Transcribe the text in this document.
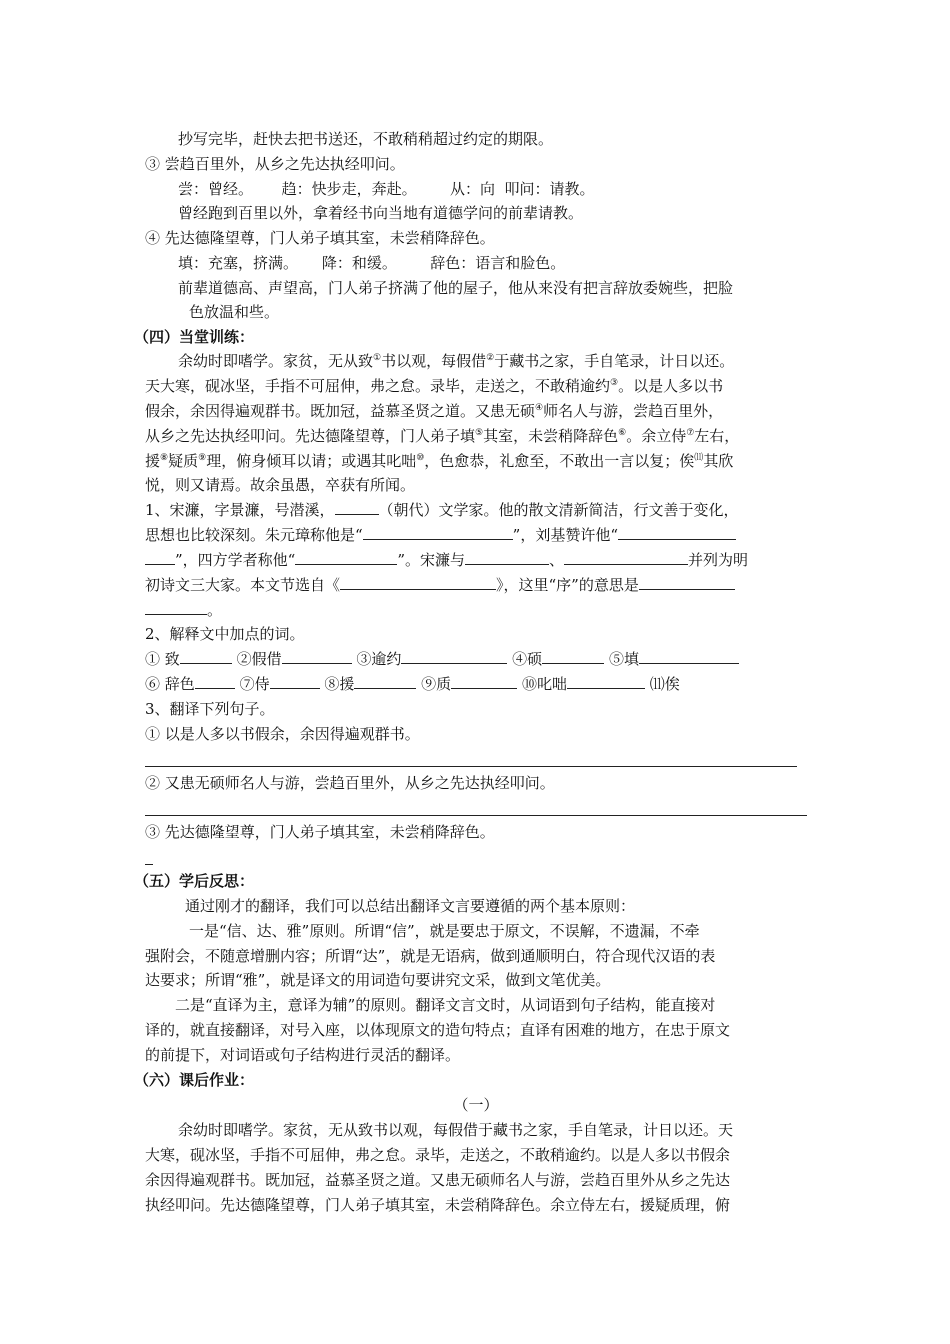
抄写完毕，赶快去把书送还，不敢稍稍超过约定的期限。
③ 尝趋百里外，从乡之先达执经叩问。
尝：曾经。      趋：快步走，奔赴。       从：向  叩问：请教。
曾经跑到百里以外，拿着经书向当地有道德学问的前辈请教。
④ 先达德隆望尊，门人弟子填其室，未尝稍降辞色。
填：充塞，挤满。     降：和缓。       辞色：语言和脸色。
前辈道德高、声望高，门人弟子挤满了他的屋子，他从来没有把言辞放委婉些，把脸
色放温和些。
（四）当堂训练：
余幼时即嗜学。家贫，无从致①书以观，每假借②于藏书之家，手自笔录，计日以还。
天大寒，砚冰坚，手指不可屈伸，弗之怠。录毕，走送之，不敢稍逾约③。以是人多以书
假余，余因得遍观群书。既加冠，益慕圣贤之道。又患无硕④师名人与游，尝趋百里外，
从乡之先达执经叩问。先达德隆望尊，门人弟子填⑤其室，未尝稍降辞色⑥。余立侍⑦左右，
援⑧疑质⑨理，俯身倾耳以请；或遇其叱咄⑩，色愈恭，礼愈至，不敢出一言以复；俟⑾其欣
悦，则又请焉。故余虽愚，卒获有所闻。
1、宋濂，字景濂，号潜溪，	（朝代）文学家。他的散文清新简洁，行文善于变化，
思想也比较深刻。朱元璋称他是“	”，刘基赞许他“
”，四方学者称他“	”。宋濂与	、	并列为明
初诗文三大家。本文节选自《	》，这里“序”的意思是
。
2、解释文中加点的词。
① 致	②假借	③逾约	④硕	⑤填
⑥ 辞色	⑦侍	⑧援	⑨质	⑩叱咄	⑾俟
3、翻译下列句子。
① 以是人多以书假余，余因得遍观群书。
② 又患无硕师名人与游，尝趋百里外，从乡之先达执经叩问。
③ 先达德隆望尊，门人弟子填其室，未尝稍降辞色。
（五）学后反思：
通过刚才的翻译，我们可以总结出翻译文言要遵循的两个基本原则：
一是“信、达、雅”原则。所谓“信”，就是要忠于原文，不误解，不遗漏，不牵
强附会，不随意增删内容；所谓“达”，就是无语病，做到通顺明白，符合现代汉语的表
达要求；所谓“雅”，就是译文的用词造句要讲究文采，做到文笔优美。
二是“直译为主，意译为辅”的原则。翻译文言文时，从词语到句子结构，能直接对
译的，就直接翻译，对号入座，以体现原文的造句特点；直译有困难的地方，在忠于原文
的前提下，对词语或句子结构进行灵活的翻译。
（六）课后作业：
（一）
余幼时即嗜学。家贫，无从致书以观，每假借于藏书之家，手自笔录，计日以还。天
大寒，砚冰坚，手指不可屈伸，弗之怠。录毕，走送之，不敢稍逾约。以是人多以书假余
余因得遍观群书。既加冠，益慕圣贤之道。又患无硕师名人与游，尝趋百里外从乡之先达
执经叩问。先达德隆望尊，门人弟子填其室，未尝稍降辞色。余立侍左右，援疑质理，俯
